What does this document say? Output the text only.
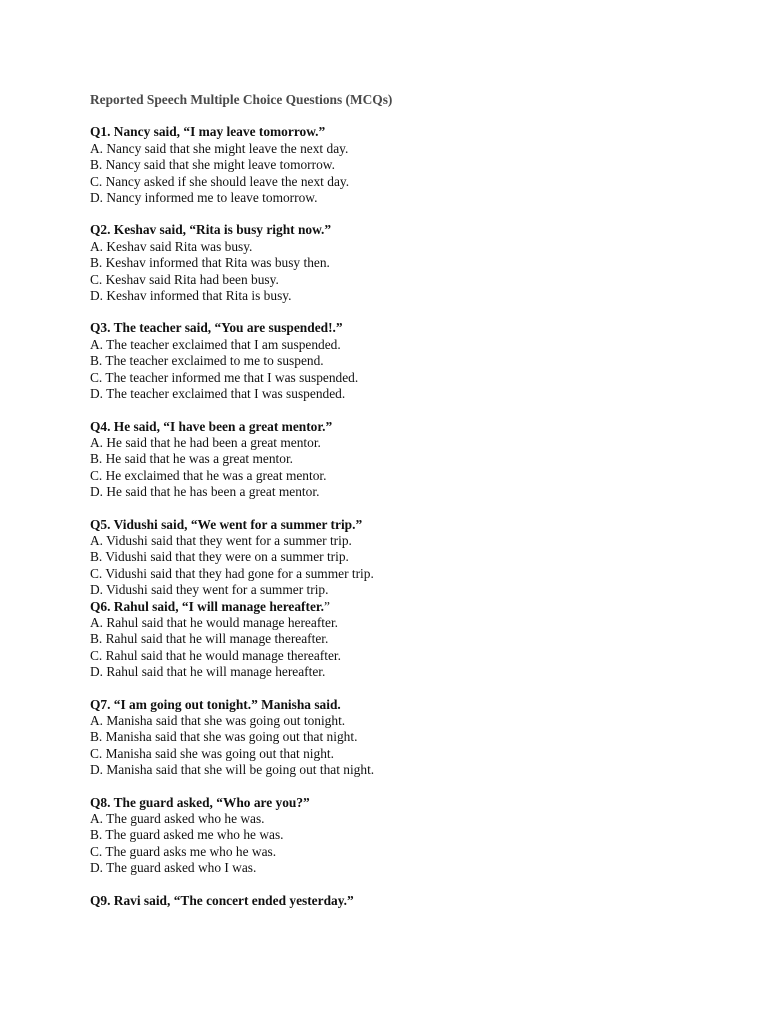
Reported Speech Multiple Choice Questions (MCQs)
Q1. Nancy said, “I may leave tomorrow.”
A. Nancy said that she might leave the next day.
B. Nancy said that she might leave tomorrow.
C. Nancy asked if she should leave the next day.
D. Nancy informed me to leave tomorrow.
Q2. Keshav said, “Rita is busy right now.”
A. Keshav said Rita was busy.
B. Keshav informed that Rita was busy then.
C. Keshav said Rita had been busy.
D. Keshav informed that Rita is busy.
Q3. The teacher said, “You are suspended!.”
A. The teacher exclaimed that I am suspended.
B. The teacher exclaimed to me to suspend.
C. The teacher informed me that I was suspended.
D. The teacher exclaimed that I was suspended.
Q4. He said, “I have been a great mentor.”
A. He said that he had been a great mentor.
B. He said that he was a great mentor.
C. He exclaimed that he was a great mentor.
D. He said that he has been a great mentor.
Q5. Vidushi said, “We went for a summer trip.”
A. Vidushi said that they went for a summer trip.
B. Vidushi said that they were on a summer trip.
C. Vidushi said that they had gone for a summer trip.
D. Vidushi said they went for a summer trip.
Q6. Rahul said, “I will manage hereafter.”
A. Rahul said that he would manage hereafter.
B. Rahul said that he will manage thereafter.
C. Rahul said that he would manage thereafter.
D. Rahul said that he will manage hereafter.
Q7. “I am going out tonight.” Manisha said.
A. Manisha said that she was going out tonight.
B. Manisha said that she was going out that night.
C. Manisha said she was going out that night.
D. Manisha said that she will be going out that night.
Q8. The guard asked, “Who are you?”
A. The guard asked who he was.
B. The guard asked me who he was.
C. The guard asks me who he was.
D. The guard asked who I was.
Q9. Ravi said, “The concert ended yesterday.”
